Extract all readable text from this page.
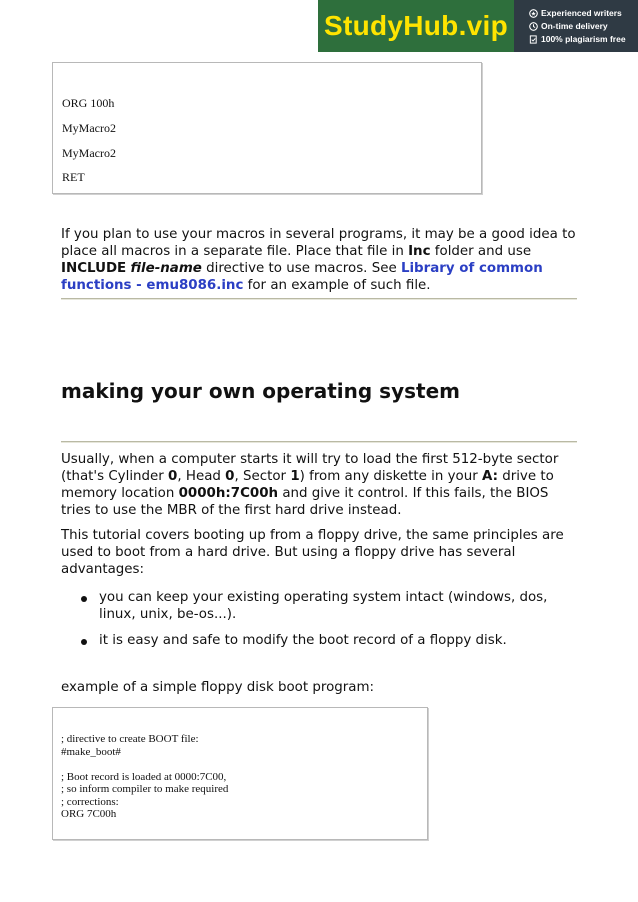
StudyHub.vip	Experienced writers
On-time delivery
100% plagiarism free
ORG 100h
MyMacro2
MyMacro2
RET
If you plan to use your macros in several programs, it may be a good idea to place all macros in a separate file. Place that file in Inc folder and use INCLUDE file-name directive to use macros. See Library of common functions - emu8086.inc for an example of such file.
making your own operating system
Usually, when a computer starts it will try to load the first 512-byte sector (that's Cylinder 0, Head 0, Sector 1) from any diskette in your A: drive to memory location 0000h:7C00h and give it control. If this fails, the BIOS tries to use the MBR of the first hard drive instead.
This tutorial covers booting up from a floppy drive, the same principles are used to boot from a hard drive. But using a floppy drive has several advantages:
you can keep your existing operating system intact (windows, dos, linux, unix, be-os...).
it is easy and safe to modify the boot record of a floppy disk.
example of a simple floppy disk boot program:
; directive to create BOOT file:
#make_boot#

; Boot record is loaded at 0000:7C00,
; so inform compiler to make required
; corrections:
ORG 7C00h
